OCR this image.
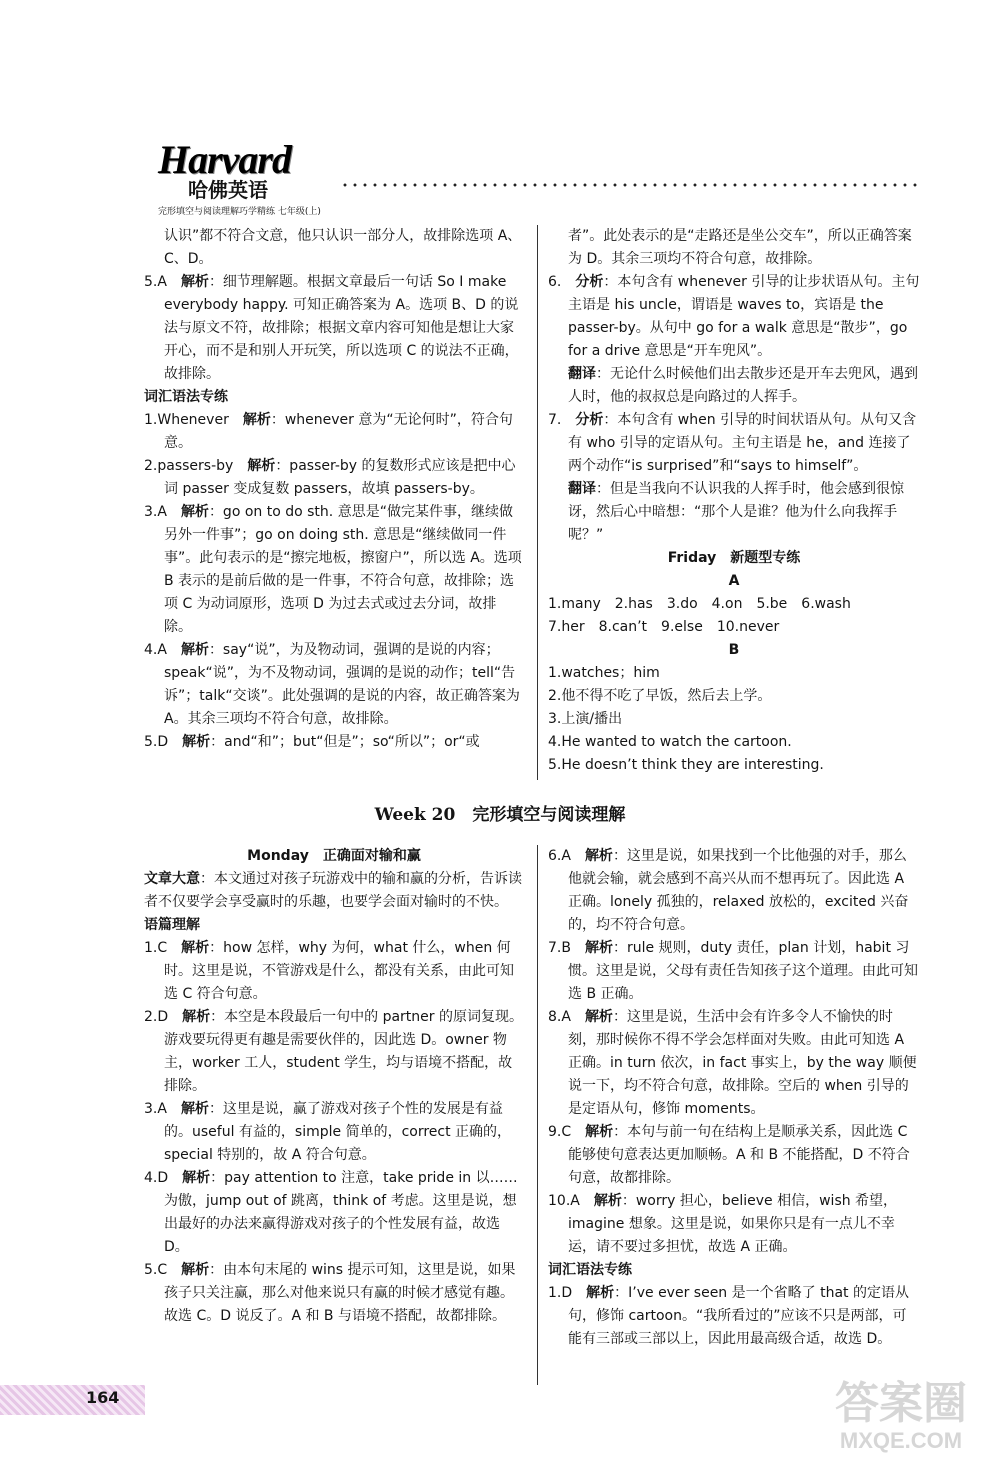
Harvard
哈佛英语
完形填空与阅读理解巧学精练 七年级(上)

认识”都不符合文意，他只认识一部分人，故排除选项 A、C、D。

5.A　 解析：细节理解题。根据文章最后一句话 So I make everybody happy. 可知正确答案为 A。选项 B、D 的说法与原文不符，故排除；根据文章内容可知他是想让大家开心，而不是和别人开玩笑，所以选项 C 的说法不正确，故排除。

词汇语法专练

1.Whenever　 解析：whenever 意为“无论何时”，符合句意。

2.passers-by　 解析：passer-by 的复数形式应该是把中心词 passer 变成复数 passers，故填 passers-by。

3.A　 解析：go on to do sth. 意思是“做完某件事，继续做另外一件事”；go on doing sth. 意思是“继续做同一件事”。此句表示的是“擦完地板，擦窗户”，所以选 A。选项 B 表示的是前后做的是一件事，不符合句意，故排除；选项 C 为动词原形，选项 D 为过去式或过去分词，故排除。

4.A　 解析：say“说”，为及物动词，强调的是说的内容；speak“说”，为不及物动词，强调的是说的动作；tell“告诉”；talk“交谈”。此处强调的是说的内容，故正确答案为 A。其余三项均不符合句意，故排除。

5.D　 解析：and“和”；but“但是”；so“所以”；or“或

者”。此处表示的是“走路还是坐公交车”，所以正确答案为 D。其余三项均不符合句意，故排除。

6.　 分析：本句含有 whenever 引导的让步状语从句。主句主语是 his uncle，谓语是 waves to，宾语是 the passer-by。从句中 go for a walk 意思是“散步”，go for a drive 意思是“开车兜风”。

翻译：无论什么时候他们出去散步还是开车去兜风，遇到人时，他的叔叔总是向路过的人挥手。

7.　 分析：本句含有 when 引导的时间状语从句。从句又含有 who 引导的定语从句。主句主语是 he，and 连接了两个动作“is surprised”和“says to himself”。

翻译：但是当我向不认识我的人挥手时，他会感到很惊讶，然后心中暗想：“那个人是谁？他为什么向我挥手呢？”

Friday　新题型专练

A

1.many　2.has　3.do　4.on　5.be　6.wash

7.her　8.can’t　9.else　10.never

B

1.watches；him

2.他不得不吃了早饭，然后去上学。

3.上演/播出

4.He wanted to watch the cartoon.

5.He doesn’t think they are interesting.

Week 20　完形填空与阅读理解

Monday　正确面对输和赢

文章大意：本文通过对孩子玩游戏中的输和赢的分析，告诉读者不仅要学会享受赢时的乐趣，也要学会面对输时的不快。

语篇理解

1.C　 解析：how 怎样，why 为何，what 什么，when 何时。这里是说，不管游戏是什么，都没有关系，由此可知选 C 符合句意。

2.D　 解析：本空是本段最后一句中的 partner 的原词复现。游戏要玩得更有趣是需要伙伴的，因此选 D。owner 物主，worker 工人，student 学生，均与语境不搭配，故排除。

3.A　 解析：这里是说，赢了游戏对孩子个性的发展是有益的。useful 有益的，simple 简单的，correct 正确的，special 特别的，故 A 符合句意。

4.D　 解析：pay attention to 注意，take pride in 以……为傲，jump out of 跳离，think of 考虑。这里是说，想出最好的办法来赢得游戏对孩子的个性发展有益，故选 D。

5.C　 解析：由本句末尾的 wins 提示可知，这里是说，如果孩子只关注赢，那么对他来说只有赢的时候才感觉有趣。故选 C。D 说反了。A 和 B 与语境不搭配，故都排除。

6.A　 解析：这里是说，如果找到一个比他强的对手，那么他就会输，就会感到不高兴从而不想再玩了。因此选 A 正确。lonely 孤独的，relaxed 放松的，excited 兴奋的，均不符合句意。

7.B　 解析：rule 规则，duty 责任，plan 计划，habit 习惯。这里是说，父母有责任告知孩子这个道理。由此可知选 B 正确。

8.A　 解析：这里是说，生活中会有许多令人不愉快的时刻，那时候你不得不学会怎样面对失败。由此可知选 A 正确。in turn 依次，in fact 事实上，by the way 顺便说一下，均不符合句意，故排除。空后的 when 引导的是定语从句，修饰 moments。

9.C　 解析：本句与前一句在结构上是顺承关系，因此选 C 能够使句意表达更加顺畅。A 和 B 不能搭配，D 不符合句意，故都排除。

10.A　 解析：worry 担心，believe 相信，wish 希望，imagine 想象。这里是说，如果你只是有一点儿不幸运，请不要过多担忧，故选 A 正确。

词汇语法专练

1.D　 解析：I’ve ever seen 是一个省略了 that 的定语从句，修饰 cartoon。“我所看过的”应该不只是两部，可能有三部或三部以上，因此用最高级合适，故选 D。

164	答案圈
MXQE.COM
